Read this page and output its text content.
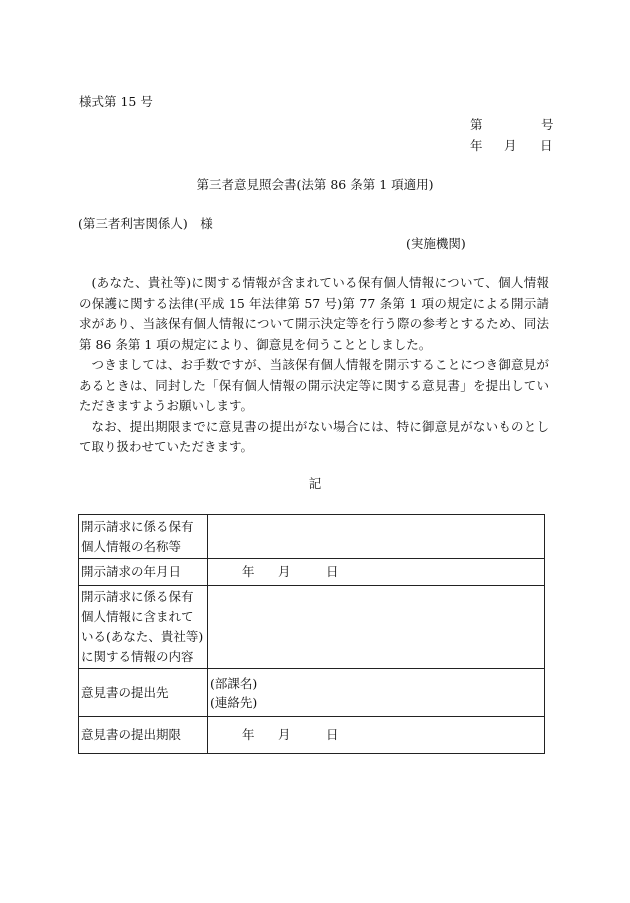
様式第 15 号
第	号
年 月 日
第三者意見照会書(法第 86 条第 1 項適用)
(第三者利害関係人)　様
(実施機関)

(あなた、貴社等)に関する情報が含まれている保有個人情報について、個人情報の保護に関する法律(平成 15 年法律第 57 号)第 77 条第 1 項の規定による開示請求があり、当該保有個人情報について開示決定等を行う際の参考とするため、同法第 86 条第 1 項の規定により、御意見を伺うこととしました。

つきましては、お手数ですが、当該保有個人情報を開示することにつき御意見があるときは、同封した「保有個人情報の開示決定等に関する意見書」を提出していただきますようお願いします。

なお、提出期限までに意見書の提出がない場合には、特に御意見がないものとして取り扱わせていただきます。

記
開示請求に係る保有個人情報の名称等	
開示請求の年月日	年 月 日

開示請求に係る保有個人情報に含まれている(あなた、貴社等)に関する情報の内容	
意見書の提出先	(部課名)
(連絡先)

意見書の提出期限	年 月 日
